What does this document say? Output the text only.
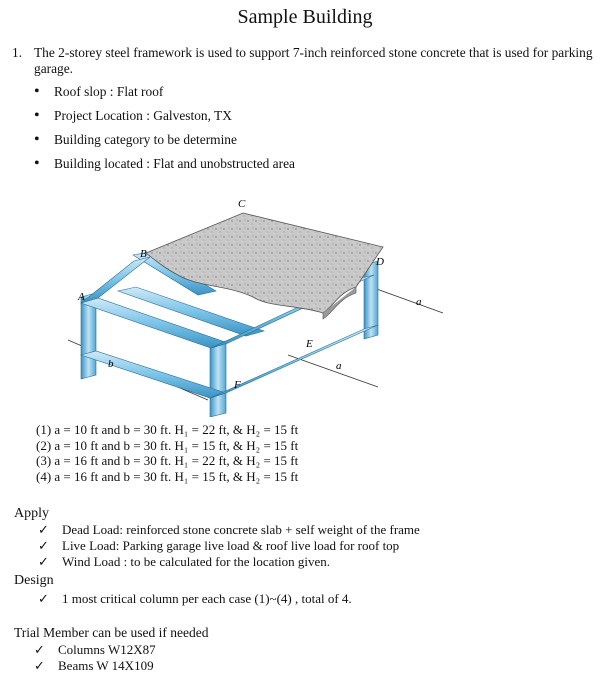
Sample Building
1. The 2-storey steel framework is used to support 7-inch reinforced stone concrete that is used for parking garage.
• Roof slop : Flat roof
• Project Location : Galveston, TX
• Building category to be determine
• Building located : Flat and unobstructed area
A
B
C
D
E
F
a
a
b
(1) a = 10 ft and b = 30 ft. H₁ = 22 ft, & H₂ = 15 ft
(2) a = 10 ft and b = 30 ft. H₁ = 15 ft, & H₂ = 15 ft
(3) a = 16 ft and b = 30 ft. H₁ = 22 ft, & H₂ = 15 ft
(4) a = 16 ft and b = 30 ft. H₁ = 15 ft, & H₂ = 15 ft
Apply
✓ Dead Load: reinforced stone concrete slab + self weight of the frame
✓ Live Load: Parking garage live load & roof live load for roof top
✓ Wind Load : to be calculated for the location given.
Design
✓ 1 most critical column per each case (1)~(4) , total of 4.
Trial Member can be used if needed
✓ Columns W12X87
✓ Beams W 14X109
